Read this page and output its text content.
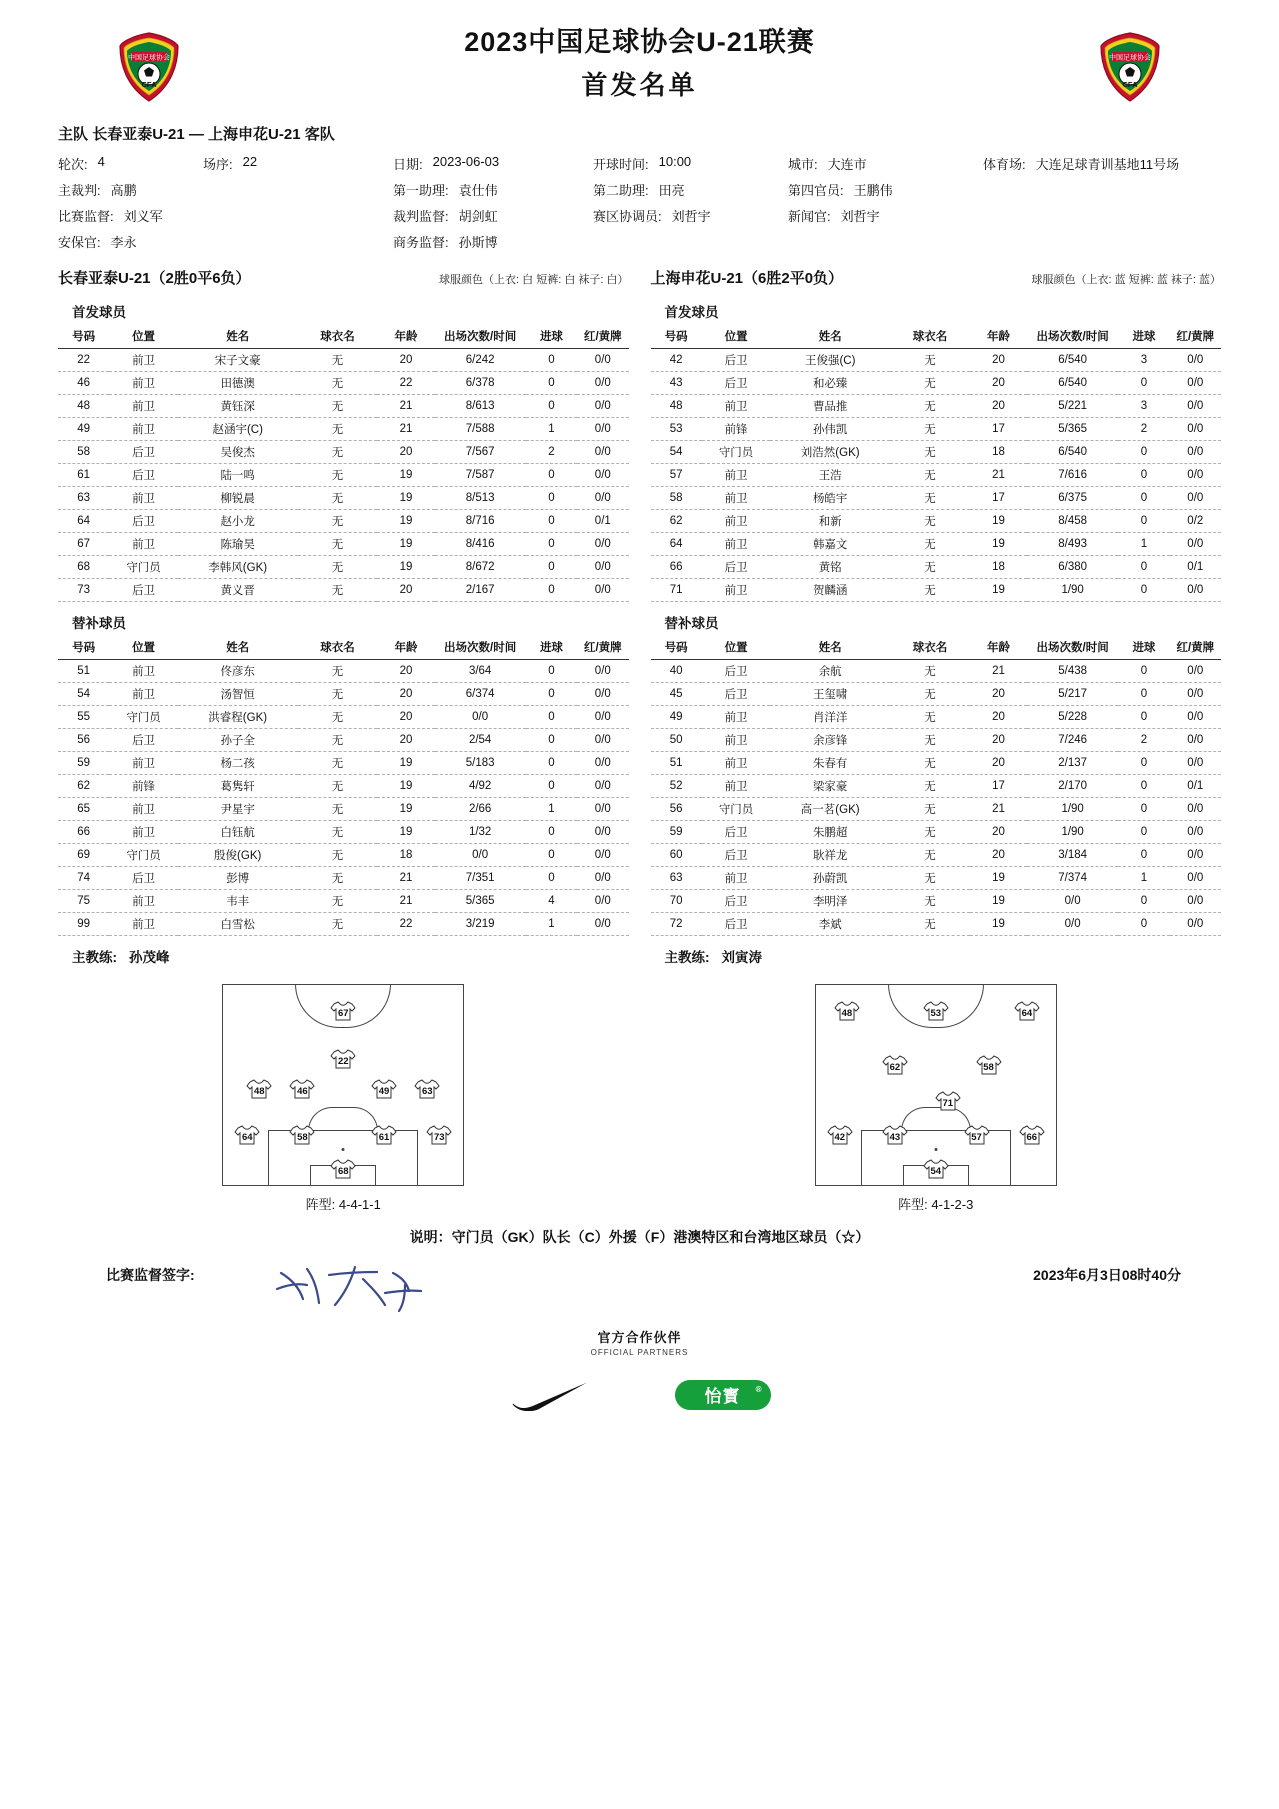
中国足球协会
CFA
中国足球协会
CFA
2023中国足球协会U-21联赛
首发名单
主队 长春亚泰U-21 — 上海申花U-21 客队
轮次: 4	场序: 22	日期: 2023-06-03	开球时间: 10:00	城市: 大连市	体育场: 大连足球青训基地11号场
主裁判: 高鹏	第一助理: 袁仕伟	第二助理: 田亮	第四官员: 王鹏伟
比赛监督: 刘义军	裁判监督: 胡剑虹	赛区协调员: 刘哲宇	新闻官: 刘哲宇
安保官: 李永	商务监督: 孙斯博
长春亚泰U-21（2胜0平6负）	球服颜色（上衣: 白 短裤: 白 袜子: 白）
首发球员
号码	位置	姓名	球衣名	年龄	出场次数/时间	进球	红/黄牌
22	前卫	宋子文豪	无	20	6/242	0	0/0
46	前卫	田德澳	无	22	6/378	0	0/0
48	前卫	黄钰深	无	21	8/613	0	0/0
49	前卫	赵涵宇(C)	无	21	7/588	1	0/0
58	后卫	吴俊杰	无	20	7/567	2	0/0
61	后卫	陆一鸣	无	19	7/587	0	0/0
63	前卫	柳锐晨	无	19	8/513	0	0/0
64	后卫	赵小龙	无	19	8/716	0	0/1
67	前卫	陈瑜昊	无	19	8/416	0	0/0
68	守门员	李韩风(GK)	无	19	8/672	0	0/0
73	后卫	黄义晋	无	20	2/167	0	0/0
替补球员
号码	位置	姓名	球衣名	年龄	出场次数/时间	进球	红/黄牌
51	前卫	佟彦东	无	20	3/64	0	0/0
54	前卫	汤智恒	无	20	6/374	0	0/0
55	守门员	洪睿程(GK)	无	20	0/0	0	0/0
56	后卫	孙子全	无	20	2/54	0	0/0
59	前卫	杨二孩	无	19	5/183	0	0/0
62	前锋	葛隽轩	无	19	4/92	0	0/0
65	前卫	尹星宇	无	19	2/66	1	0/0
66	前卫	白钰航	无	19	1/32	0	0/0
69	守门员	殷俊(GK)	无	18	0/0	0	0/0
74	后卫	彭博	无	21	7/351	0	0/0
75	前卫	韦丰	无	21	5/365	4	0/0
99	前卫	白雪松	无	22	3/219	1	0/0
主教练: 孙茂峰
上海申花U-21（6胜2平0负）	球服颜色（上衣: 蓝 短裤: 蓝 袜子: 蓝）
首发球员
号码	位置	姓名	球衣名	年龄	出场次数/时间	进球	红/黄牌
42	后卫	王俊强(C)	无	20	6/540	3	0/0
43	后卫	和必臻	无	20	6/540	0	0/0
48	前卫	曹品推	无	20	5/221	3	0/0
53	前锋	孙伟凯	无	17	5/365	2	0/0
54	守门员	刘浩然(GK)	无	18	6/540	0	0/0
57	前卫	王浩	无	21	7/616	0	0/0
58	前卫	杨皓宇	无	17	6/375	0	0/0
62	前卫	和新	无	19	8/458	0	0/2
64	前卫	韩嘉文	无	19	8/493	1	0/0
66	后卫	黄铭	无	18	6/380	0	0/1
71	前卫	贺麟涵	无	19	1/90	0	0/0
替补球员
号码	位置	姓名	球衣名	年龄	出场次数/时间	进球	红/黄牌
40	后卫	余航	无	21	5/438	0	0/0
45	后卫	王玺啸	无	20	5/217	0	0/0
49	前卫	肖洋洋	无	20	5/228	0	0/0
50	前卫	余彦锋	无	20	7/246	2	0/0
51	前卫	朱春有	无	20	2/137	0	0/0
52	前卫	梁家豪	无	17	2/170	0	0/1
56	守门员	高一茗(GK)	无	21	1/90	0	0/0
59	后卫	朱鹏超	无	20	1/90	0	0/0
60	后卫	耿祥龙	无	20	3/184	0	0/0
63	前卫	孙蔚凯	无	19	7/374	1	0/0
70	后卫	李明泽	无	19	0/0	0	0/0
72	后卫	李斌	无	19	0/0	0	0/0
主教练: 刘寅涛
67
22
48	46	49	63
64	58	61	73
68
阵型: 4-4-1-1
48	53	64
62	58
71
42	43	57	66
54
阵型: 4-1-2-3
说明：守门员（GK）队长（C）外援（F）港澳特区和台湾地区球员（☆）
比赛监督签字:	2023年6月3日08时40分
官方合作伙伴
OFFICIAL PARTNERS
怡寳 ®
